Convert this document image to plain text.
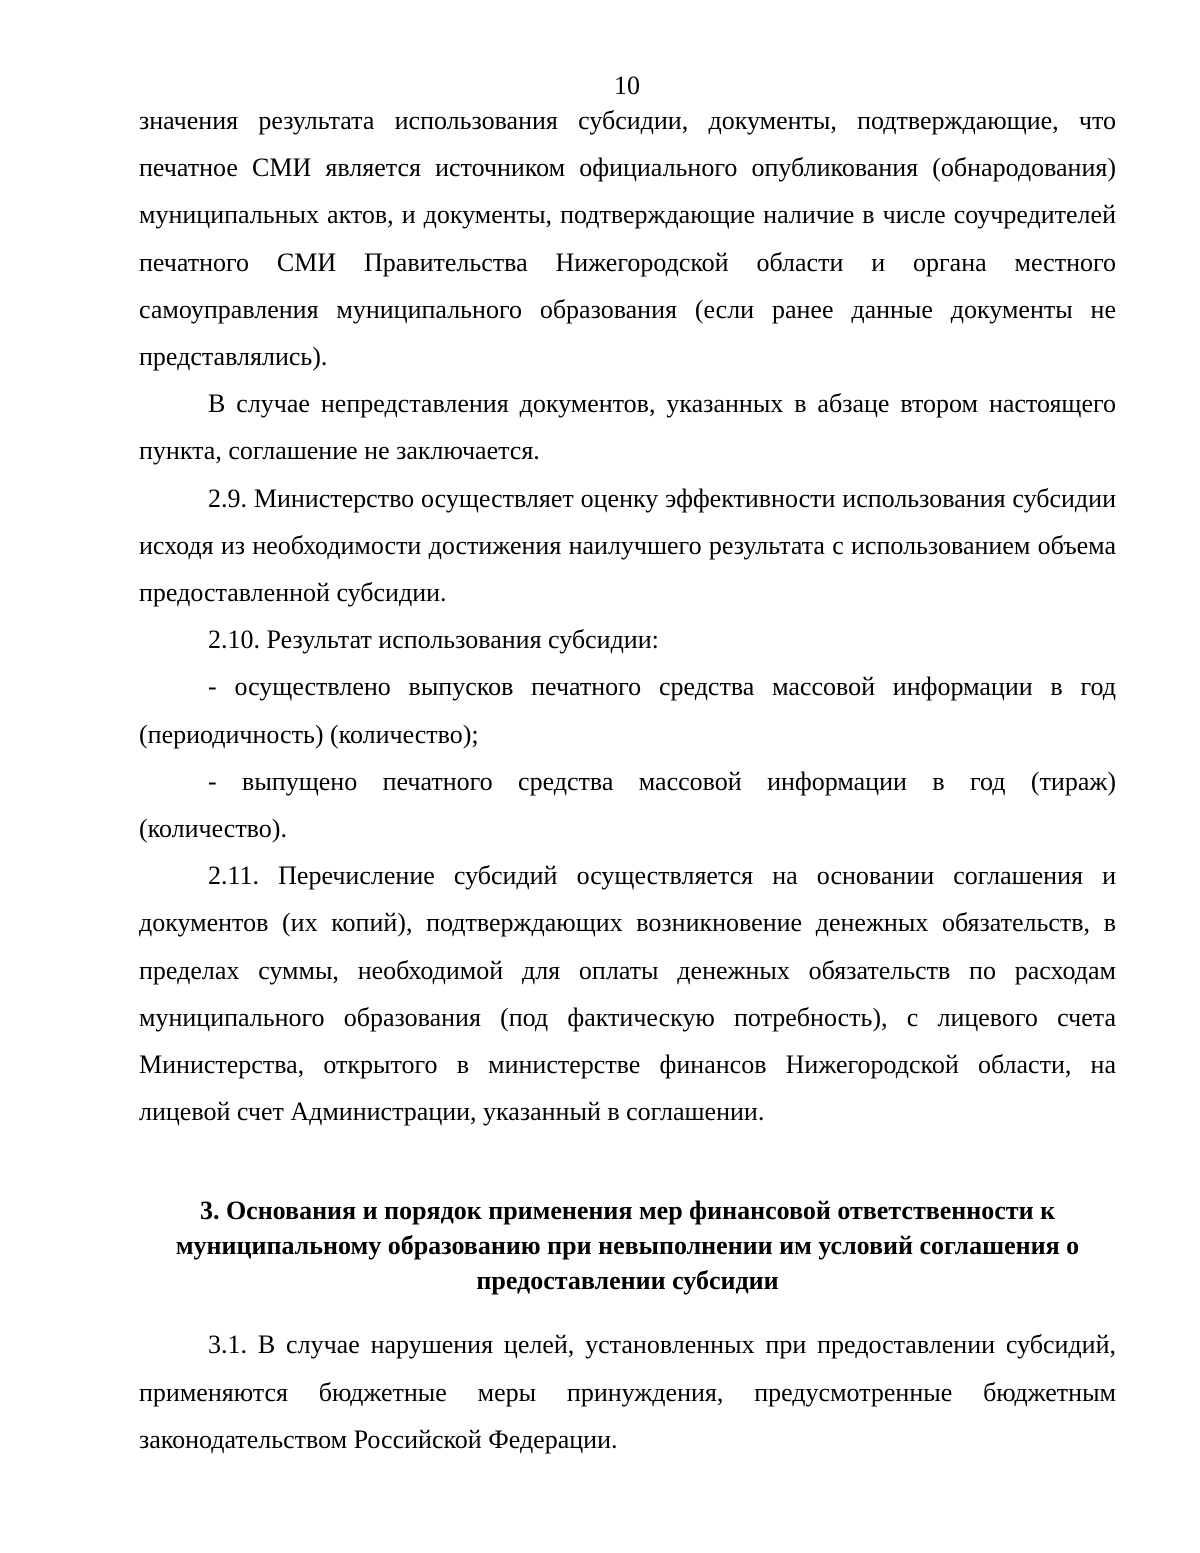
10

значения результата использования субсидии, документы, подтверждающие, что печатное СМИ является источником официального опубликования (обнародования) муниципальных актов, и документы, подтверждающие наличие в числе соучредителей печатного СМИ Правительства Нижегородской области и органа местного самоуправления муниципального образования (если ранее данные документы не представлялись).

В случае непредставления документов, указанных в абзаце втором настоящего пункта, соглашение не заключается.

2.9. Министерство осуществляет оценку эффективности использования субсидии исходя из необходимости достижения наилучшего результата с использованием объема предоставленной субсидии.

2.10. Результат использования субсидии:

- осуществлено выпусков печатного средства массовой информации в год (периодичность) (количество);

- выпущено печатного средства массовой информации в год (тираж) (количество).

2.11. Перечисление субсидий осуществляется на основании соглашения и документов (их копий), подтверждающих возникновение денежных обязательств, в пределах суммы, необходимой для оплаты денежных обязательств по расходам муниципального образования (под фактическую потребность), с лицевого счета Министерства, открытого в министерстве финансов Нижегородской области, на лицевой счет Администрации, указанный в соглашении.

3. Основания и порядок применения мер финансовой ответственности к муниципальному образованию при невыполнении им условий соглашения о предоставлении субсидии

3.1. В случае нарушения целей, установленных при предоставлении субсидий, применяются бюджетные меры принуждения, предусмотренные бюджетным законодательством Российской Федерации.
